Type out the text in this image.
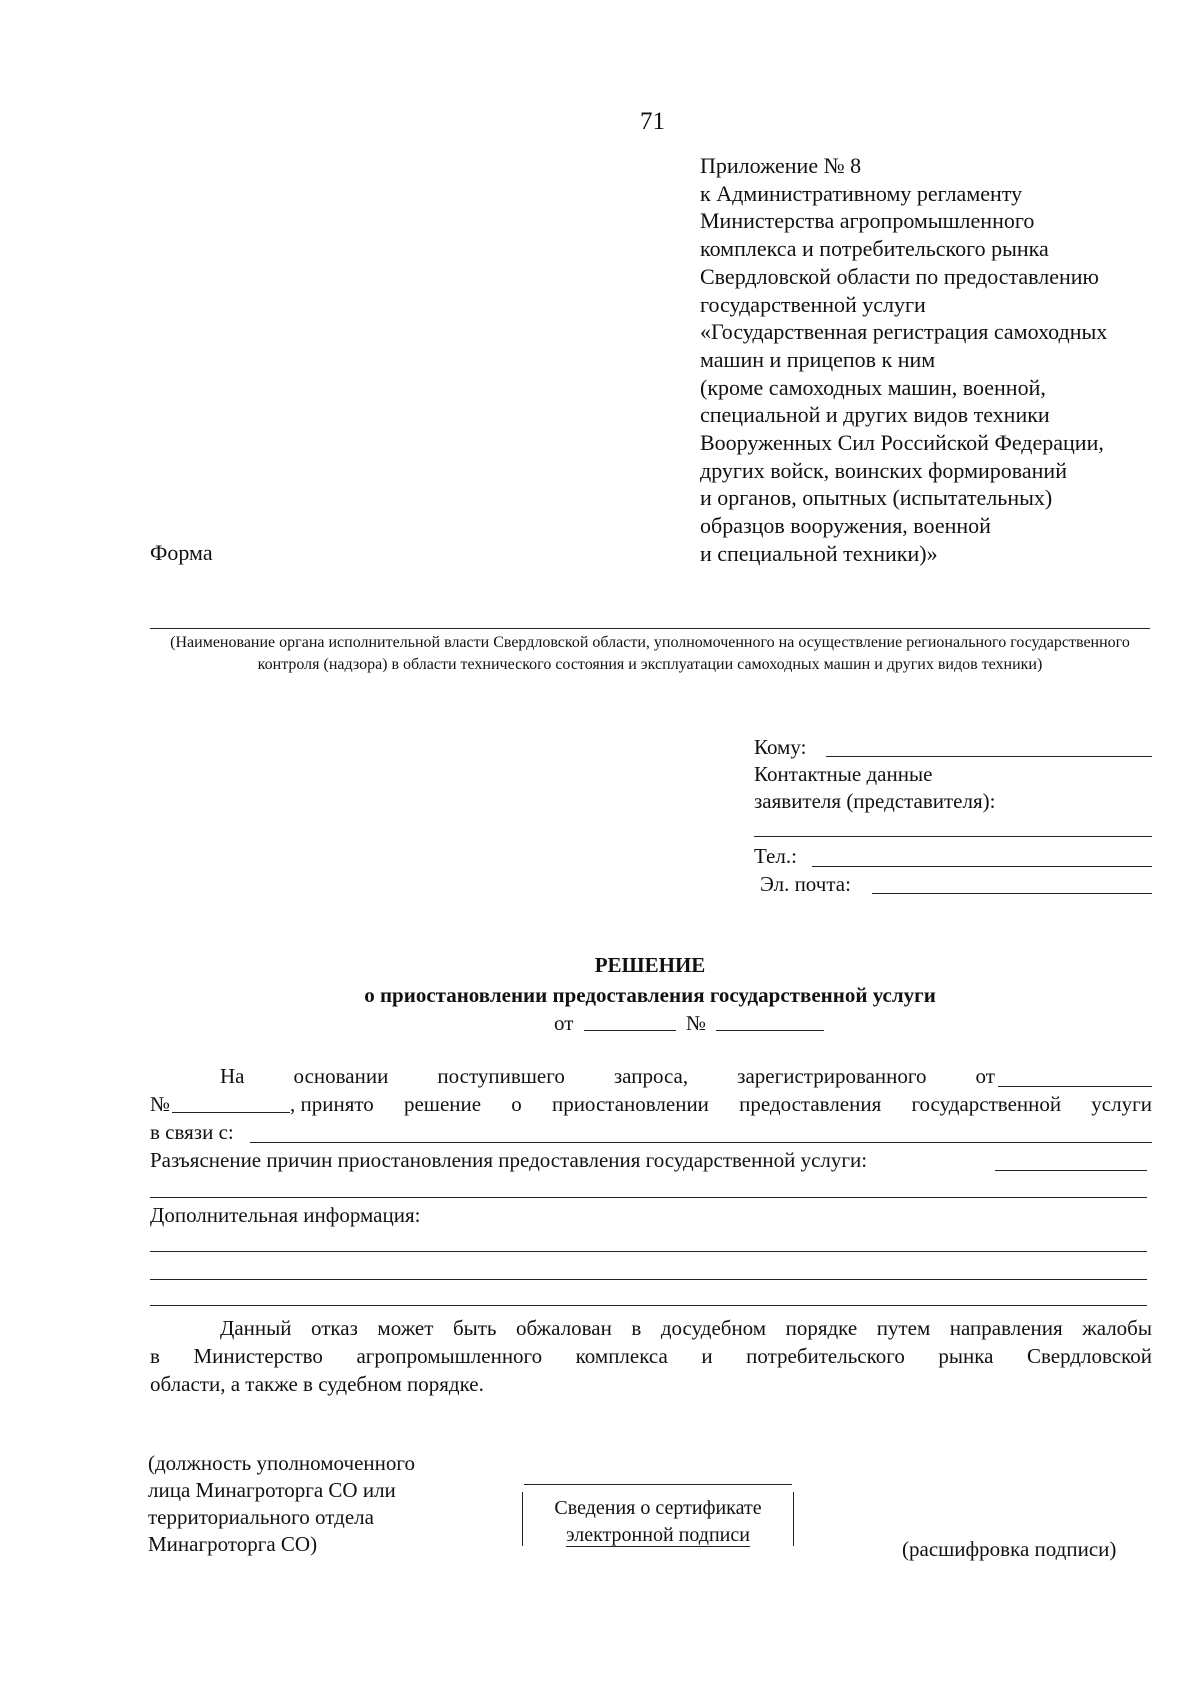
71
Приложение № 8
к Административному регламенту
Министерства агропромышленного
комплекса и потребительского рынка
Свердловской области по предоставлению
государственной услуги
«Государственная регистрация самоходных
машин и прицепов к ним
(кроме самоходных машин, военной,
специальной и других видов техники
Вооруженных Сил Российской Федерации,
других войск, воинских формирований
и органов, опытных (испытательных)
образцов вооружения, военной
и специальной техники)»
Форма
(Наименование органа исполнительной власти Свердловской области, уполномоченного на осуществление регионального государственного контроля (надзора) в области технического состояния и эксплуатации самоходных машин и других видов техники)
Кому:
Контактные данные
заявителя (представителя):
Тел.:
Эл. почта:
РЕШЕНИЕ
о приостановлении предоставления государственной услуги
от	№
На основании поступившего запроса, зарегистрированного от
№	, принято решение о приостановлении предоставления государственной услуги
в связи с:
Разъяснение причин приостановления предоставления государственной услуги:
Дополнительная информация:
Данный отказ может быть обжалован в досудебном порядке путем направления жалобы
в Министерство агропромышленного комплекса и потребительского рынка Свердловской
области, а также в судебном порядке.
(должность уполномоченного
лица Минагроторга СО или
территориального отдела
Минагроторга СО)
Сведения о сертификате
электронной подписи
(расшифровка подписи)
